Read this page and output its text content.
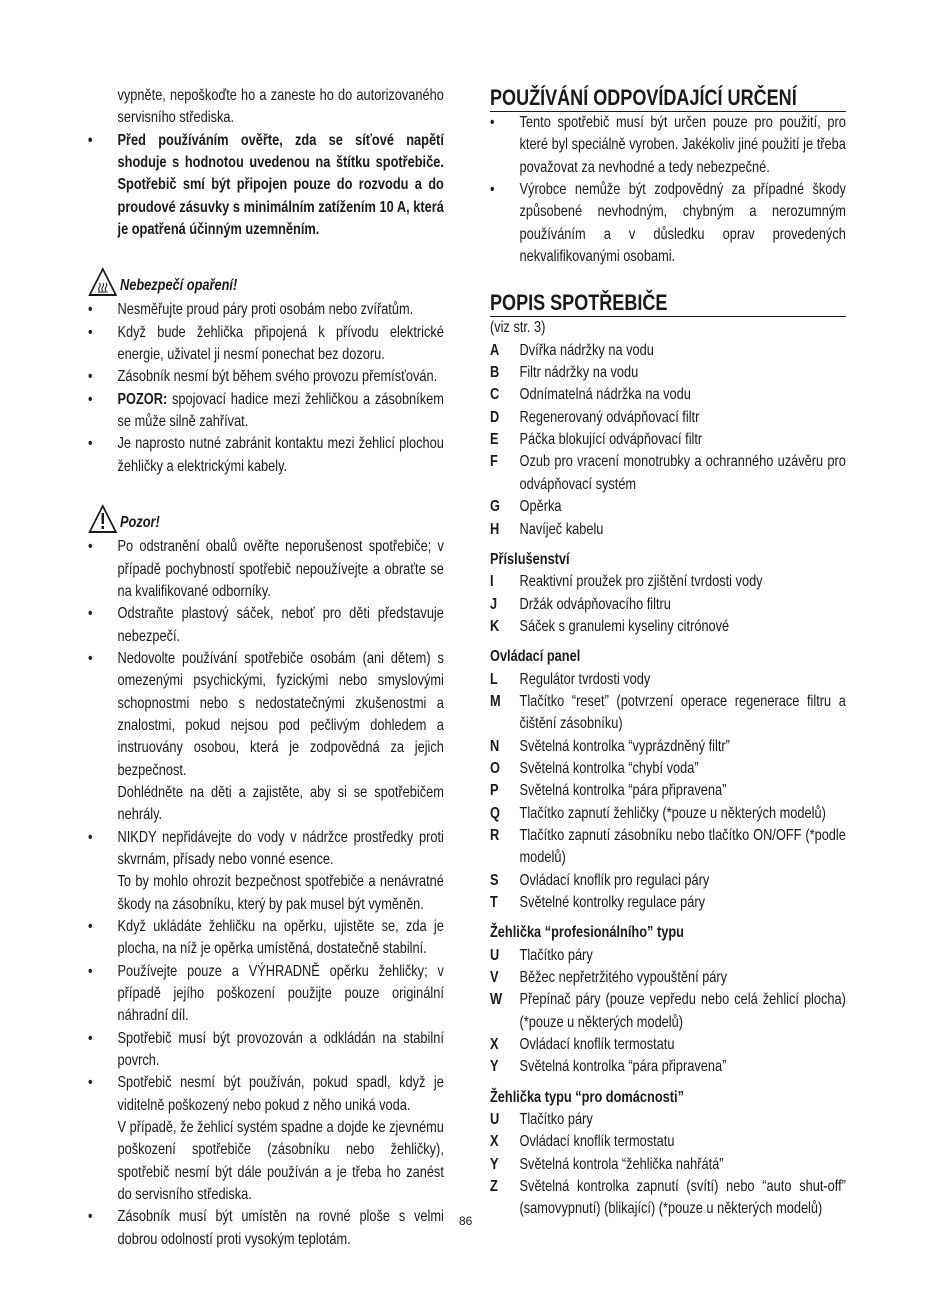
vypněte, nepoškoďte ho a zaneste ho do autorizovaného servisního střediska.
• Před používáním ověřte, zda se síťové napětí shoduje s hodnotou uvedenou na štítku spotřebiče. Spotřebič smí být připojen pouze do rozvodu a do proudové zásuvky s minimálním zatížením 10 A, která je opatřená účinným uzemněním.
Nebezpečí opaření!
• Nesměřujte proud páry proti osobám nebo zvířatům.
• Když bude žehlička připojená k přívodu elektrické energie, uživatel ji nesmí ponechat bez dozoru.
• Zásobník nesmí být během svého provozu přemísťován.
• POZOR: spojovací hadice mezi žehličkou a zásobníkem se může silně zahřívat.
• Je naprosto nutné zabránit kontaktu mezi žehlicí plochou žehličky a elektrickými kabely.
Pozor!
• Po odstranění obalů ověřte neporušenost spotřebiče; v případě pochybností spotřebič nepoužívejte a obraťte se na kvalifikované odborníky.
• Odstraňte plastový sáček, neboť pro děti představuje nebezpečí.
• Nedovolte používání spotřebiče osobám (ani dětem) s omezenými psychickými, fyzickými nebo smyslovými schopnostmi nebo s nedostatečnými zkušenostmi a znalostmi, pokud nejsou pod pečlivým dohledem a instruovány osobou, která je zodpovědná za jejich bezpečnost.
Dohlédněte na děti a zajistěte, aby si se spotřebičem nehrály.
• NIKDY nepřidávejte do vody v nádržce prostředky proti skvrnám, přísady nebo vonné esence.
To by mohlo ohrozit bezpečnost spotřebiče a nenávratné škody na zásobníku, který by pak musel být vyměněn.
• Když ukládáte žehličku na opěrku, ujistěte se, zda je plocha, na níž je opěrka umístěná, dostatečně stabilní.
• Používejte pouze a VÝHRADNĚ opěrku žehličky; v případě jejího poškození použijte pouze originální náhradní díl.
• Spotřebič musí být provozován a odkládán na stabilní povrch.
• Spotřebič nesmí být používán, pokud spadl, když je viditelně poškozený nebo pokud z něho uniká voda.
V případě, že žehlicí systém spadne a dojde ke zjevnému poškození spotřebiče (zásobníku nebo žehličky), spotřebič nesmí být dále používán a je třeba ho zanést do servisního střediska.
• Zásobník musí být umístěn na rovné ploše s velmi dobrou odolností proti vysokým teplotám.
POUŽÍVÁNÍ ODPOVÍDAJÍCÍ URČENÍ
• Tento spotřebič musí být určen pouze pro použití, pro které byl speciálně vyroben. Jakékoliv jiné použití je třeba považovat za nevhodné a tedy nebezpečné.
• Výrobce nemůže být zodpovědný za případné škody způsobené nevhodným, chybným a nerozumným používáním a v důsledku oprav provedených nekvalifikovanými osobami.
POPIS SPOTŘEBIČE
(viz str. 3)
A	Dvířka nádržky na vodu
B	Filtr nádržky na vodu
C	Odnímatelná nádržka na vodu
D	Regenerovaný odvápňovací filtr
E	Páčka blokující odvápňovací filtr
F	Ozub pro vracení monotrubky a ochranného uzávěru pro odvápňovací systém
G	Opěrka
H	Navíječ kabelu
Příslušenství
I	Reaktivní proužek pro zjištění tvrdosti vody
J	Držák odvápňovacího filtru
K	Sáček s granulemi kyseliny citrónové
Ovládací panel
L	Regulátor tvrdosti vody
M	Tlačítko “reset” (potvrzení operace regenerace filtru a čištění zásobníku)
N	Světelná kontrolka “vyprázdněný filtr”
O	Světelná kontrolka “chybí voda”
P	Světelná kontrolka “pára připravena”
Q	Tlačítko zapnutí žehličky (*pouze u některých modelů)
R	Tlačítko zapnutí zásobníku nebo tlačítko ON/OFF (*podle modelů)
S	Ovládací knoflík pro regulaci páry
T	Světelné kontrolky regulace páry
Žehlička “profesionálního” typu
U	Tlačítko páry
V	Běžec nepřetržitého vypouštění páry
W	Přepínač páry (pouze vepředu nebo celá žehlicí plocha) (*pouze u některých modelů)
X	Ovládací knoflík termostatu
Y	Světelná kontrolka “pára připravena”
Žehlička typu “pro domácnosti”
U	Tlačítko páry
X	Ovládací knoflík termostatu
Y	Světelná kontrola “žehlička nahřátá”
Z	Světelná kontrolka zapnutí (svítí) nebo “auto shut-off” (samovypnutí) (blikající) (*pouze u některých modelů)
86
